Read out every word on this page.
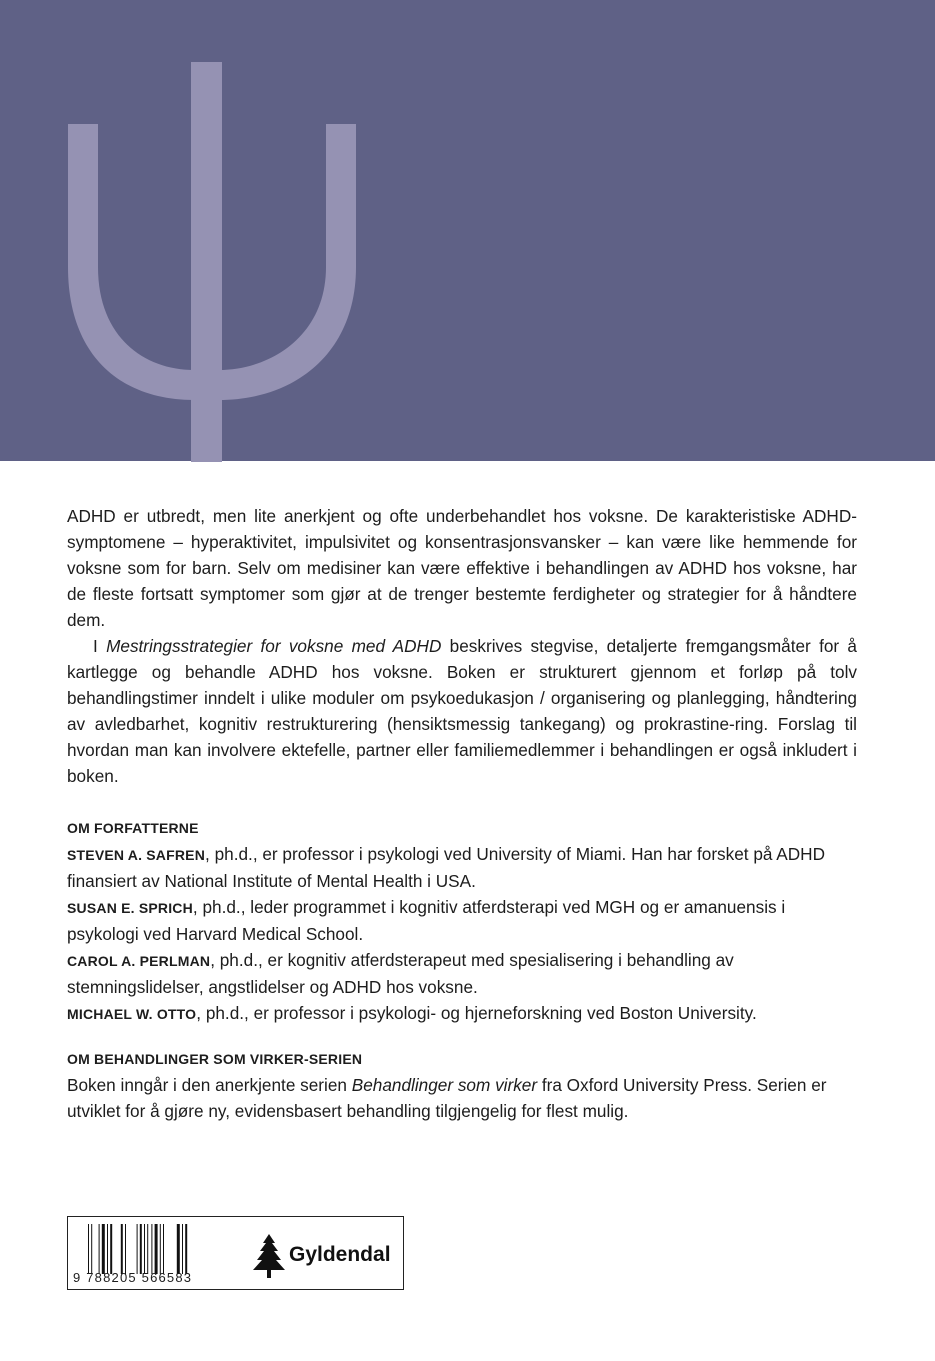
ADHD er utbredt, men lite anerkjent og ofte underbehandlet hos voksne. De karakteristiske ADHD-symptomene – hyperaktivitet, impulsivitet og konsentrasjonsvansker – kan være like hemmende for voksne som for barn. Selv om medisiner kan være effektive i behandlingen av ADHD hos voksne, har de fleste fortsatt symptomer som gjør at de trenger bestemte ferdigheter og strategier for å håndtere dem.

I Mestringsstrategier for voksne med ADHD beskrives stegvise, detaljerte fremgangsmåter for å kartlegge og behandle ADHD hos voksne. Boken er strukturert gjennom et forløp på tolv behandlingstimer inndelt i ulike moduler om psykoedukasjon / organisering og planlegging, håndtering av avledbarhet, kognitiv restrukturering (hensiktsmessig tankegang) og prokrastine-ring. Forslag til hvordan man kan involvere ektefelle, partner eller familiemedlemmer i behandlingen er også inkludert i boken.

OM FORFATTERNE

STEVEN A. SAFREN, ph.d., er professor i psykologi ved University of Miami. Han har forsket på ADHD finansiert av National Institute of Mental Health i USA.

SUSAN E. SPRICH, ph.d., leder programmet i kognitiv atferdsterapi ved MGH og er amanuensis i psykologi ved Harvard Medical School.

CAROL A. PERLMAN, ph.d., er kognitiv atferdsterapeut med spesialisering i behandling av stemningslidelser, angstlidelser og ADHD hos voksne.

MICHAEL W. OTTO, ph.d., er professor i psykologi- og hjerneforskning ved Boston University.

OM BEHANDLINGER SOM VIRKER-SERIEN

Boken inngår i den anerkjente serien Behandlinger som virker fra Oxford University Press. Serien er utviklet for å gjøre ny, evidensbasert behandling tilgjengelig for flest mulig.

9 788205 566583
Gyldendal
